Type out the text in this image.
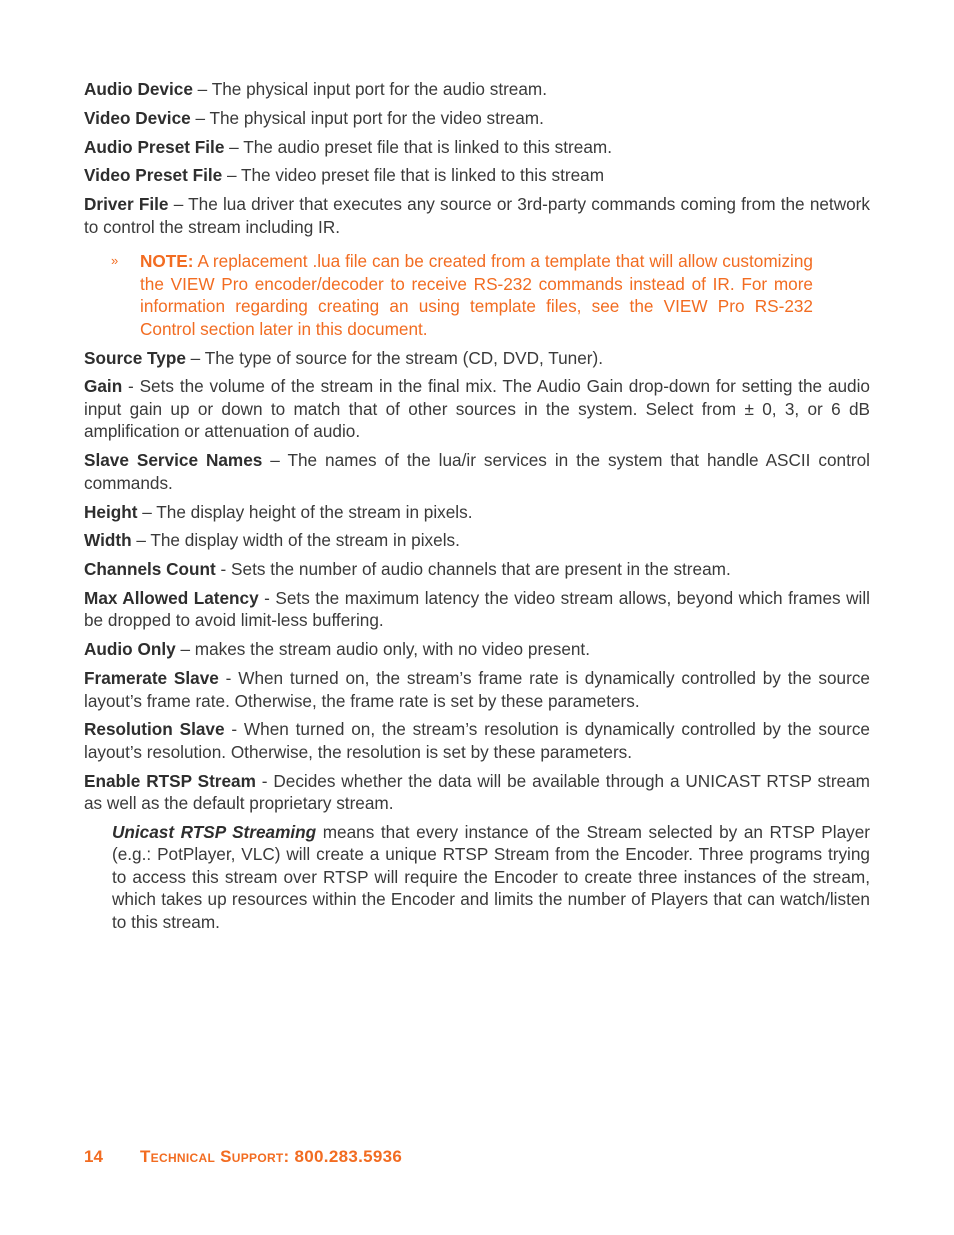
Audio Device – The physical input port for the audio stream.

Video Device – The physical input port for the video stream.

Audio Preset File – The audio preset file that is linked to this stream.

Video Preset File – The video preset file that is linked to this stream

Driver File – The lua driver that executes any source or 3rd-party commands coming from the network to control the stream including IR.

» NOTE: A replacement .lua file can be created from a template that will allow customizing the VIEW Pro encoder/decoder to receive RS-232 commands instead of IR. For more information regarding creating an using template files, see the VIEW Pro RS-232 Control section later in this document.

Source Type – The type of source for the stream (CD, DVD, Tuner).

Gain - Sets the volume of the stream in the final mix. The Audio Gain drop-down for setting the audio input gain up or down to match that of other sources in the system. Select from ± 0, 3, or 6 dB amplification or attenuation of audio.

Slave Service Names – The names of the lua/ir services in the system that handle ASCII control commands.

Height – The display height of the stream in pixels.

Width – The display width of the stream in pixels.

Channels Count - Sets the number of audio channels that are present in the stream.

Max Allowed Latency - Sets the maximum latency the video stream allows, beyond which frames will be dropped to avoid limit-less buffering.

Audio Only – makes the stream audio only, with no video present.

Framerate Slave - When turned on, the stream’s frame rate is dynamically controlled by the source layout’s frame rate. Otherwise, the frame rate is set by these parameters.

Resolution Slave - When turned on, the stream’s resolution is dynamically controlled by the source layout’s resolution. Otherwise, the resolution is set by these parameters.

Enable RTSP Stream - Decides whether the data will be available through a UNICAST RTSP stream as well as the default proprietary stream.

Unicast RTSP Streaming means that every instance of the Stream selected by an RTSP Player (e.g.: PotPlayer, VLC) will create a unique RTSP Stream from the Encoder. Three programs trying to access this stream over RTSP will require the Encoder to create three instances of the stream, which takes up resources within the Encoder and limits the number of Players that can watch/listen to this stream.

14 Technical Support: 800.283.5936
